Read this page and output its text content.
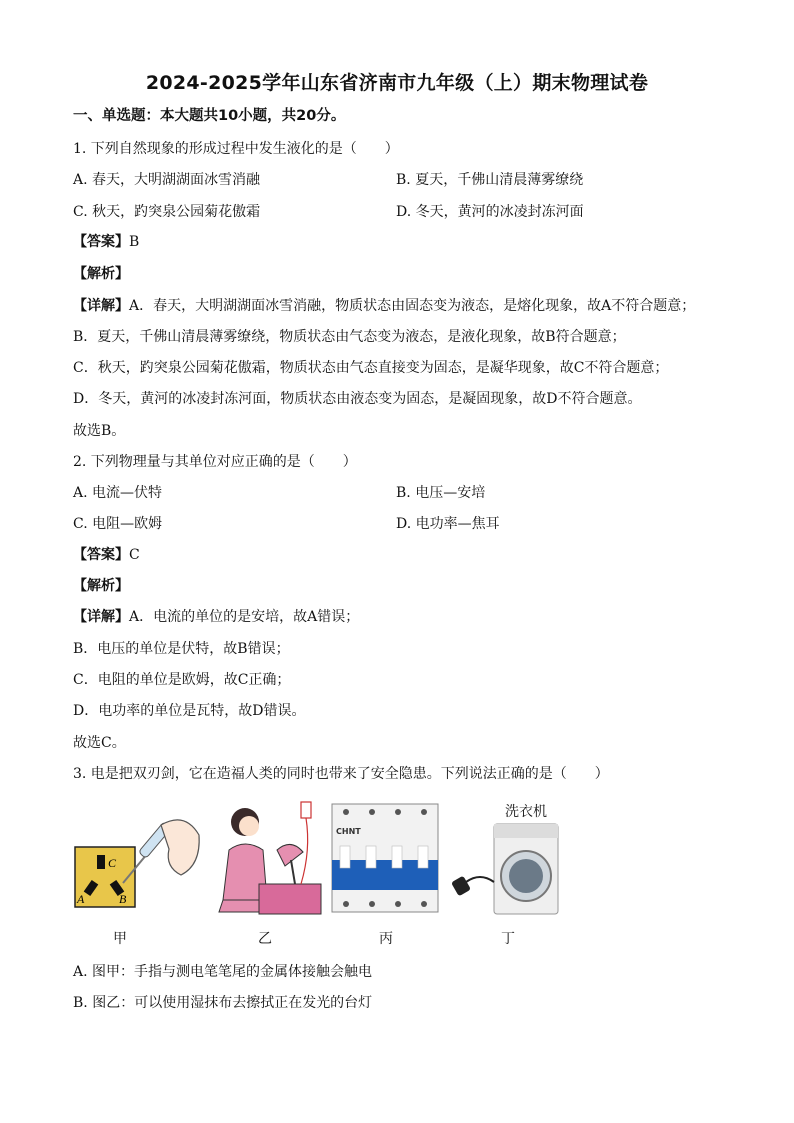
2024-2025学年山东省济南市九年级（上）期末物理试卷
一、单选题：本大题共10小题，共20分。
1. 下列自然现象的形成过程中发生液化的是（　　）
A. 春天，大明湖湖面冰雪消融	B. 夏天，千佛山清晨薄雾缭绕
C. 秋天，趵突泉公园菊花傲霜	D. 冬天，黄河的冰凌封冻河面
【答案】B
【解析】
【详解】A．春天，大明湖湖面冰雪消融，物质状态由固态变为液态，是熔化现象，故A不符合题意；
B．夏天，千佛山清晨薄雾缭绕，物质状态由气态变为液态，是液化现象，故B符合题意；
C．秋天，趵突泉公园菊花傲霜，物质状态由气态直接变为固态，是凝华现象，故C不符合题意；
D．冬天，黄河的冰凌封冻河面，物质状态由液态变为固态，是凝固现象，故D不符合题意。
故选B。
2. 下列物理量与其单位对应正确的是（　　）
A. 电流—伏特	B. 电压—安培
C. 电阻—欧姆	D. 电功率—焦耳
【答案】C
【解析】
【详解】A．电流的单位的是安培，故A错误；
B．电压的单位是伏特，故B错误；
C．电阻的单位是欧姆，故C正确；
D．电功率的单位是瓦特，故D错误。
故选C。
3. 电是把双刃剑，它在造福人类的同时也带来了安全隐患。下列说法正确的是（　　）
C
A	B
甲	乙
CHNT
丙
洗衣机
丁
A. 图甲：手指与测电笔笔尾的金属体接触会触电
B. 图乙：可以使用湿抹布去擦拭正在发光的台灯
